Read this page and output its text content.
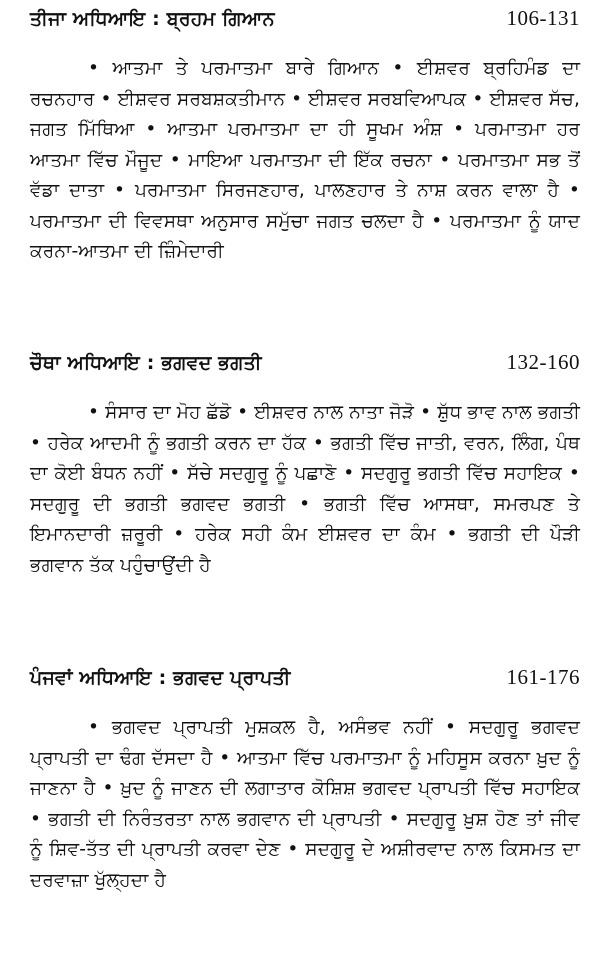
ਤੀਜਾ ਅਧਿਆਇ : ਬ੍ਰਹਮ ਗਿਆਨ	106-131

• ਆਤਮਾ ਤੇ ਪਰਮਾਤਮਾ ਬਾਰੇ ਗਿਆਨ • ਈਸ਼ਵਰ ਬ੍ਰਹਿਮੰਡ ਦਾ ਰਚਨਹਾਰ • ਈਸ਼ਵਰ ਸਰਬਸ਼ਕਤੀਮਾਨ • ਈਸ਼ਵਰ ਸਰਬਵਿਆਪਕ • ਈਸ਼ਵਰ ਸੱਚ, ਜਗਤ ਮਿੱਥਿਆ • ਆਤਮਾ ਪਰਮਾਤਮਾ ਦਾ ਹੀ ਸੂਖਮ ਅੰਸ਼ • ਪਰਮਾਤਮਾ ਹਰ ਆਤਮਾ ਵਿੱਚ ਮੌਜੂਦ • ਮਾਇਆ ਪਰਮਾਤਮਾ ਦੀ ਇੱਕ ਰਚਨਾ • ਪਰਮਾਤਮਾ ਸਭ ਤੋਂ ਵੱਡਾ ਦਾਤਾ • ਪਰਮਾਤਮਾ ਸਿਰਜਣਹਾਰ, ਪਾਲਣਹਾਰ ਤੇ ਨਾਸ਼ ਕਰਨ ਵਾਲਾ ਹੈ • ਪਰਮਾਤਮਾ ਦੀ ਵਿਵਸਥਾ ਅਨੁਸਾਰ ਸਮੁੱਚਾ ਜਗਤ ਚਲਦਾ ਹੈ • ਪਰਮਾਤਮਾ ਨੂੰ ਯਾਦ ਕਰਨਾ-ਆਤਮਾ ਦੀ ਜ਼ਿੰਮੇਦਾਰੀ

ਚੌਥਾ ਅਧਿਆਇ : ਭਗਵਦ ਭਗਤੀ	132-160

• ਸੰਸਾਰ ਦਾ ਮੋਹ ਛੱਡੋ • ਈਸ਼ਵਰ ਨਾਲ ਨਾਤਾ ਜੋੜੋ • ਸ਼ੁੱਧ ਭਾਵ ਨਾਲ ਭਗਤੀ • ਹਰੇਕ ਆਦਮੀ ਨੂੰ ਭਗਤੀ ਕਰਨ ਦਾ ਹੱਕ • ਭਗਤੀ ਵਿੱਚ ਜਾਤੀ, ਵਰਨ, ਲਿੰਗ, ਪੰਥ ਦਾ ਕੋਈ ਬੰਧਨ ਨਹੀਂ • ਸੱਚੇ ਸਦਗੁਰੂ ਨੂੰ ਪਛਾਣੋ • ਸਦਗੁਰੂ ਭਗਤੀ ਵਿੱਚ ਸਹਾਇਕ • ਸਦਗੁਰੂ ਦੀ ਭਗਤੀ ਭਗਵਦ ਭਗਤੀ • ਭਗਤੀ ਵਿੱਚ ਆਸਥਾ, ਸਮਰਪਣ ਤੇ ਇਮਾਨਦਾਰੀ ਜ਼ਰੂਰੀ • ਹਰੇਕ ਸਹੀ ਕੰਮ ਈਸ਼ਵਰ ਦਾ ਕੰਮ • ਭਗਤੀ ਦੀ ਪੌੜੀ ਭਗਵਾਨ ਤੱਕ ਪਹੁੰਚਾਉਂਦੀ ਹੈ

ਪੰਜਵਾਂ ਅਧਿਆਇ : ਭਗਵਦ ਪ੍ਰਾਪਤੀ	161-176

• ਭਗਵਦ ਪ੍ਰਾਪਤੀ ਮੁਸ਼ਕਲ ਹੈ, ਅਸੰਭਵ ਨਹੀਂ • ਸਦਗੁਰੂ ਭਗਵਦ ਪ੍ਰਾਪਤੀ ਦਾ ਢੰਗ ਦੱਸਦਾ ਹੈ • ਆਤਮਾ ਵਿੱਚ ਪਰਮਾਤਮਾ ਨੂੰ ਮਹਿਸੂਸ ਕਰਨਾ ਖ਼ੁਦ ਨੂੰ ਜਾਣਨਾ ਹੈ • ਖ਼ੁਦ ਨੂੰ ਜਾਣਨ ਦੀ ਲਗਾਤਾਰ ਕੋਸ਼ਿਸ਼ ਭਗਵਦ ਪ੍ਰਾਪਤੀ ਵਿੱਚ ਸਹਾਇਕ • ਭਗਤੀ ਦੀ ਨਿਰੰਤਰਤਾ ਨਾਲ ਭਗਵਾਨ ਦੀ ਪ੍ਰਾਪਤੀ • ਸਦਗੁਰੂ ਖ਼ੁਸ਼ ਹੋਣ ਤਾਂ ਜੀਵ ਨੂੰ ਸ਼ਿਵ-ਤੱਤ ਦੀ ਪ੍ਰਾਪਤੀ ਕਰਵਾ ਦੇਣ • ਸਦਗੁਰੂ ਦੇ ਅਸ਼ੀਰਵਾਦ ਨਾਲ ਕਿਸਮਤ ਦਾ ਦਰਵਾਜ਼ਾ ਖੁੱਲ੍ਹਦਾ ਹੈ
